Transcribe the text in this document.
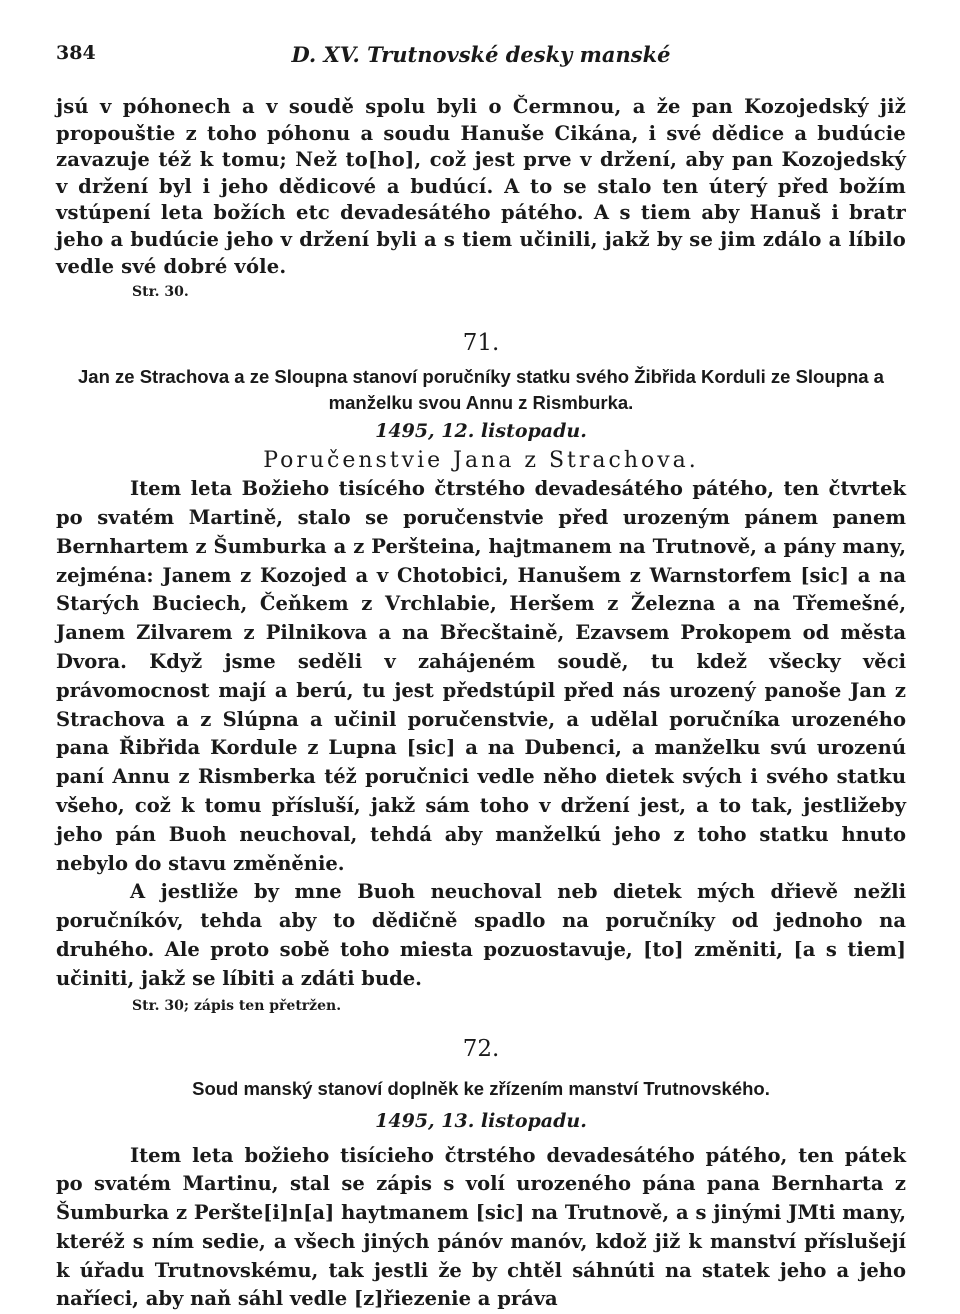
384	D. XV. Trutnovské desky manské

jsú v póhonech a v soudě spolu byli o Čermnou, a že pan Kozojedský již propouštie z toho póhonu a soudu Hanuše Cikána, i své dědice a budúcie zavazuje též k tomu; Než to[ho], což jest prve v držení, aby pan Kozojedský v držení byl i jeho dědicové a budúcí. A to se stalo ten úterý před božím vstúpení leta božích etc devadesátého pátého. A s tiem aby Hanuš i bratr jeho a budúcie jeho v držení byli a s tiem učinili, jakž by se jim zdálo a líbilo vedle své dobré vóle.

Str. 30.

71.

Jan ze Strachova a ze Sloupna stanoví poručníky statku svého Žibřida Korduli ze Sloupna a manželku svou Annu z Rismburka.

1495, 12. listopadu.

Poručenstvie Jana z Strachova.

Item leta Božieho tisícého čtrstého devadesátého pátého, ten čtvrtek po svatém Martině, stalo se poručenstvie před urozeným pánem panem Bernhartem z Šumburka a z Peršteina, hajtmanem na Trutnově, a pány many, zejména: Janem z Kozojed a v Chotobici, Hanušem z Warnstorfem [sic] a na Starých Buciech, Čeňkem z Vrchlabie, Heršem z Železna a na Třemešné, Janem Zilvarem z Pilnikova a na Břecštaině, Ezavsem Prokopem od města Dvora. Když jsme seděli v zahájeném soudě, tu kdež všecky věci právomocnost mají a berú, tu jest předstúpil před nás urozený panoše Jan z Strachova a z Slúpna a učinil poručenstvie, a udělal poručníka urozeného pana Řibřida Kordule z Lupna [sic] a na Dubenci, a manželku svú urozenú paní Annu z Rismberka též poručnici vedle něho dietek svých i svého statku všeho, což k tomu přísluší, jakž sám toho v držení jest, a to tak, jestližeby jeho pán Buoh neuchoval, tehdá aby manželkú jeho z toho statku hnuto nebylo do stavu změněnie.

A jestliže by mne Buoh neuchoval neb dietek mých dřievě nežli poručníkóv, tehda aby to dědičně spadlo na poručníky od jednoho na druhého. Ale proto sobě toho miesta pozuostavuje, [to] změniti, [a s tiem] učiniti, jakž se líbiti a zdáti bude.

Str. 30; zápis ten přetržen.

72.

Soud manský stanoví doplněk ke zřízením manství Trutnovského.

1495, 13. listopadu.

Item leta božieho tisícieho čtrstého devadesátého pátého, ten pátek po svatém Martinu, stal se zápis s volí urozeného pána pana Bernharta z Šumburka z Peršte[i]n[a] haytmanem [sic] na Trutnově, a s jinými JMti many, kteréž s ním sedie, a všech jiných pánóv manóv, kdož již k manství příslušejí k úřadu Trutnovskému, tak jestli že by chtěl sáhnúti na statek jeho a jeho naříeci, aby naň sáhl vedle [z]řiezenie a práva
